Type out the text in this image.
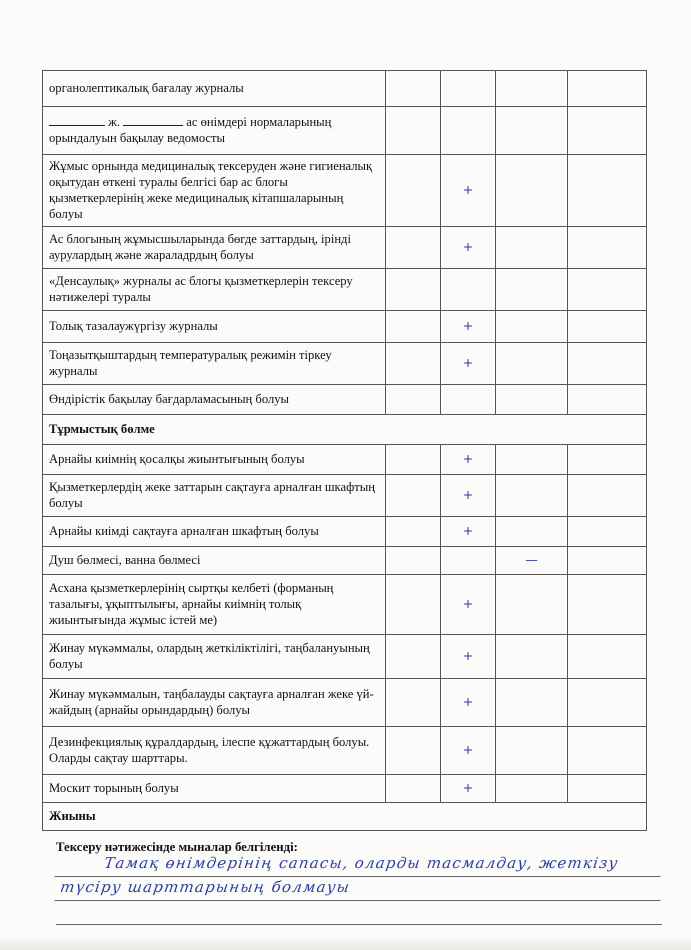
органолептикалық бағалау журналы				
ж. ас өнімдері нормаларының орындалуын бақылау ведомосты				
Жұмыс орнында медициналық тексеруден және гигиеналық оқытудан өткені туралы белгісі бар ас блогы қызметкерлерінің жеке медициналық кітапшаларының болуы		+		
Ас блогының жұмысшыларында бөгде заттардың, ірінді аурулардың және жараладрдың болуы		+		
«Денсаулық» журналы ас блогы қызметкерлерін тексеру нәтижелері туралы				
Толық тазалаужүргізу журналы		+		
Тоңазытқыштардың температуралық режимін тіркеу журналы		+		
Өндірістік бақылау бағдарламасының болуы				
Тұрмыстық бөлме				
Арнайы киімнің қосалқы жиынтығының болуы		+		
Қызметкерлердің жеке заттарын сақтауға арналған шкафтың болуы		+		
Арнайы киімді сақтауға арналған шкафтың болуы		+		
Душ бөлмесі, ванна бөлмесі			—	
Асхана қызметкерлерінің сыртқы келбеті (форманың тазалығы, ұқыптылығы, арнайы киімнің толық жиынтығында жұмыс істей ме)		+		
Жинау мүкәммалы, олардың жеткіліктілігі, таңбалануының болуы		+		
Жинау мүкәммалын, таңбалауды сақтауға арналған жеке үй-жайдың (арнайы орындардың) болуы		+		
Дезинфекциялық құралдардың, ілеспе құжаттардың болуы. Оларды сақтау шарттары.		+		
Москит торының болуы		+		
Жиыны				
Тексеру нәтижесінде мыналар белгіленді:
Тамақ өнімдерінің сапасы, оларды тасмалдау, жеткізу
түсіру шарттарының болмауы
